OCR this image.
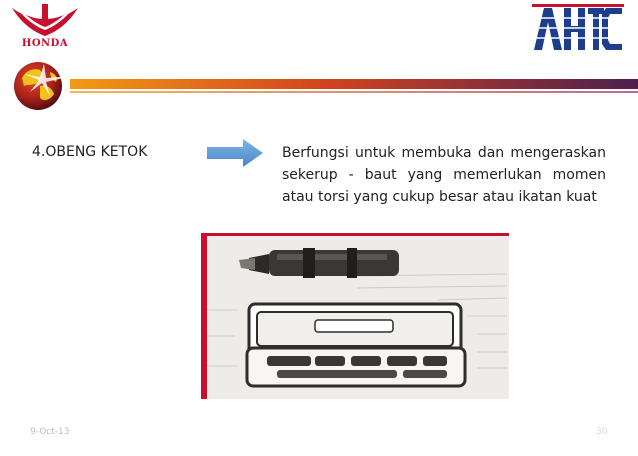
HONDA
4.OBENG KETOK	Berfungsi untuk membuka dan mengeraskan sekerup - baut yang memerlukan momen atau torsi yang cukup besar atau ikatan kuat
9-Oct-13	30
